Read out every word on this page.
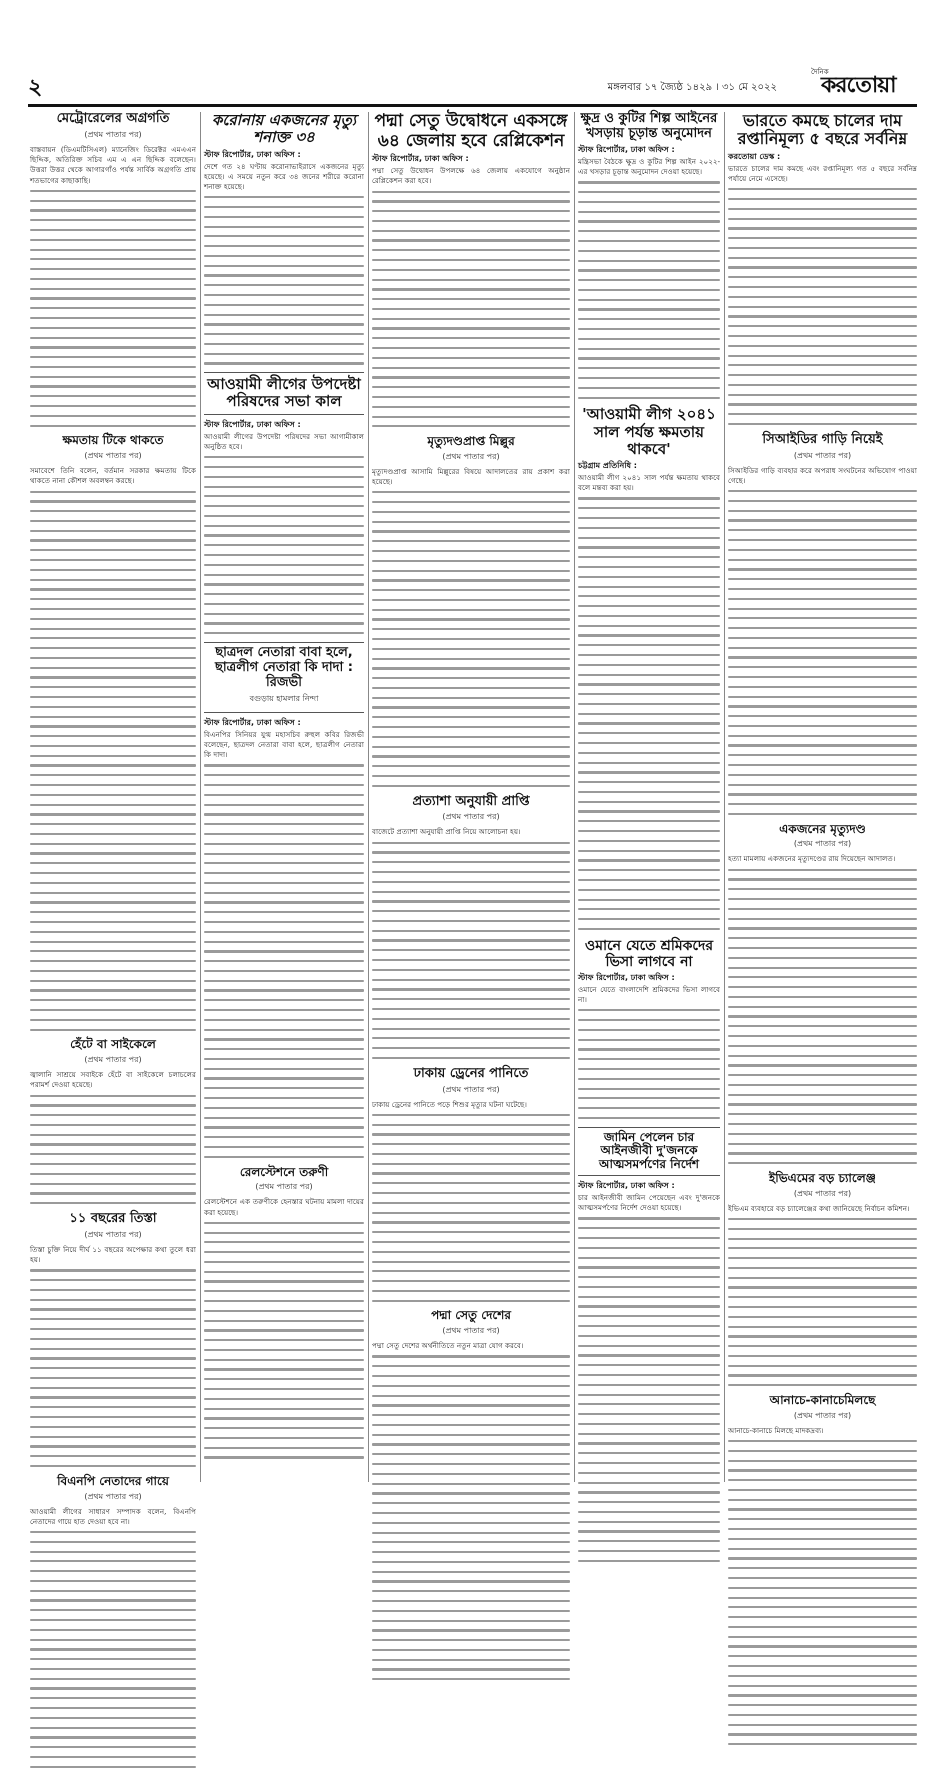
২	মঙ্গলবার ১৭ জ্যৈষ্ঠ ১৪২৯ । ৩১ মে ২০২২
দৈনিক
করতোয়া
মেট্রোরেলের অগ্রগতি
(প্রথম পাতার পর)
বাস্তবায়ন (ডিএমটিসিএল) ম্যানেজিং ডিরেক্টর এমএএন ছিদ্দিক, অতিরিক্ত সচিব এম এ এন ছিদ্দিক বলেছেন। উত্তরা উত্তর থেকে আগারগাঁও পর্যন্ত সার্বিক অগ্রগতি প্রায় শতভাগের কাছাকাছি।
ক্ষমতায় টিকে থাকতে
(প্রথম পাতার পর)
সমাবেশে তিনি বলেন, বর্তমান সরকার ক্ষমতায় টিকে থাকতে নানা কৌশল অবলম্বন করছে।
হেঁটে বা সাইকেলে
(প্রথম পাতার পর)
জ্বালানি সাশ্রয়ে সবাইকে হেঁটে বা সাইকেলে চলাচলের পরামর্শ দেওয়া হয়েছে।
১১ বছরের তিস্তা
(প্রথম পাতার পর)
তিস্তা চুক্তি নিয়ে দীর্ঘ ১১ বছরের অপেক্ষার কথা তুলে ধরা হয়।
বিএনপি নেতাদের গায়ে
(প্রথম পাতার পর)
আওয়ামী লীগের সাধারণ সম্পাদক বলেন, বিএনপি নেতাদের গায়ে হাত দেওয়া হবে না।
করোনায় একজনের মৃত্যু শনাক্ত ৩৪
স্টাফ রিপোর্টার, ঢাকা অফিস :
দেশে গত ২৪ ঘণ্টায় করোনাভাইরাসে একজনের মৃত্যু হয়েছে। এ সময়ে নতুন করে ৩৪ জনের শরীরে করোনা শনাক্ত হয়েছে।
আওয়ামী লীগের উপদেষ্টা পরিষদের সভা কাল
স্টাফ রিপোর্টার, ঢাকা অফিস :
আওয়ামী লীগের উপদেষ্টা পরিষদের সভা আগামীকাল অনুষ্ঠিত হবে।
ছাত্রদল নেতারা বাবা হলে, ছাত্রলীগ নেতারা কি দাদা : রিজভী
বগুড়ায় হামলার নিন্দা
স্টাফ রিপোর্টার, ঢাকা অফিস :
বিএনপির সিনিয়র যুগ্ম মহাসচিব রুহুল কবির রিজভী বলেছেন, ছাত্রদল নেতারা বাবা হলে, ছাত্রলীগ নেতারা কি দাদা।
রেলস্টেশনে তরুণী
(প্রথম পাতার পর)
রেলস্টেশনে এক তরুণীকে হেনস্তার ঘটনায় মামলা দায়ের করা হয়েছে।
পদ্মা সেতু উদ্বোধনে একসঙ্গে ৬৪ জেলায় হবে রেপ্লিকেশন
স্টাফ রিপোর্টার, ঢাকা অফিস :
পদ্মা সেতু উদ্বোধন উপলক্ষে ৬৪ জেলায় একযোগে অনুষ্ঠান রেপ্লিকেশন করা হবে।
মৃত্যুদণ্ডপ্রাপ্ত মিল্লুর
(প্রথম পাতার পর)
মৃত্যুদণ্ডপ্রাপ্ত আসামি মিল্লুরের বিষয়ে আদালতের রায় প্রকাশ করা হয়েছে।
প্রত্যাশা অনুযায়ী প্রাপ্তি
(প্রথম পাতার পর)
বাজেটে প্রত্যাশা অনুযায়ী প্রাপ্তি নিয়ে আলোচনা হয়।
ঢাকায় ড্রেনের পানিতে
(প্রথম পাতার পর)
ঢাকায় ড্রেনের পানিতে পড়ে শিশুর মৃত্যুর ঘটনা ঘটেছে।
পদ্মা সেতু দেশের
(প্রথম পাতার পর)
পদ্মা সেতু দেশের অর্থনীতিতে নতুন মাত্রা যোগ করবে।
ক্ষুদ্র ও কুটির শিল্প আইনের খসড়ায় চূড়ান্ত অনুমোদন
স্টাফ রিপোর্টার, ঢাকা অফিস :
মন্ত্রিসভা বৈঠকে ক্ষুদ্র ও কুটির শিল্প আইন ২০২২-এর খসড়ার চূড়ান্ত অনুমোদন দেওয়া হয়েছে।
'আওয়ামী লীগ ২০৪১ সাল পর্যন্ত ক্ষমতায় থাকবে'
চট্টগ্রাম প্রতিনিধি :
আওয়ামী লীগ ২০৪১ সাল পর্যন্ত ক্ষমতায় থাকবে বলে মন্তব্য করা হয়।
ওমানে যেতে শ্রমিকদের ভিসা লাগবে না
স্টাফ রিপোর্টার, ঢাকা অফিস :
ওমানে যেতে বাংলাদেশি শ্রমিকদের ভিসা লাগবে না।
জামিন পেলেন চার আইনজীবী দু'জনকে আত্মসমর্পণের নির্দেশ
স্টাফ রিপোর্টার, ঢাকা অফিস :
চার আইনজীবী জামিন পেয়েছেন এবং দু'জনকে আত্মসমর্পণের নির্দেশ দেওয়া হয়েছে।
ভারতে কমছে চালের দাম রপ্তানিমূল্য ৫ বছরে সর্বনিম্ন
করতোয়া ডেস্ক :
ভারতে চালের দাম কমছে এবং রপ্তানিমূল্য গত ৫ বছরে সর্বনিম্ন পর্যায়ে নেমে এসেছে।
সিআইডির গাড়ি নিয়েই
(প্রথম পাতার পর)
সিআইডির গাড়ি ব্যবহার করে অপরাধ সংঘটনের অভিযোগ পাওয়া গেছে।
একজনের মৃত্যুদণ্ড
(প্রথম পাতার পর)
হত্যা মামলায় একজনের মৃত্যুদণ্ডের রায় দিয়েছেন আদালত।
ইভিএমের বড় চ্যালেঞ্জ
(প্রথম পাতার পর)
ইভিএম ব্যবহারে বড় চ্যালেঞ্জের কথা জানিয়েছে নির্বাচন কমিশন।
আনাচে-কানাচেমিলছে
(প্রথম পাতার পর)
আনাচে-কানাচে মিলছে মাদকদ্রব্য।
